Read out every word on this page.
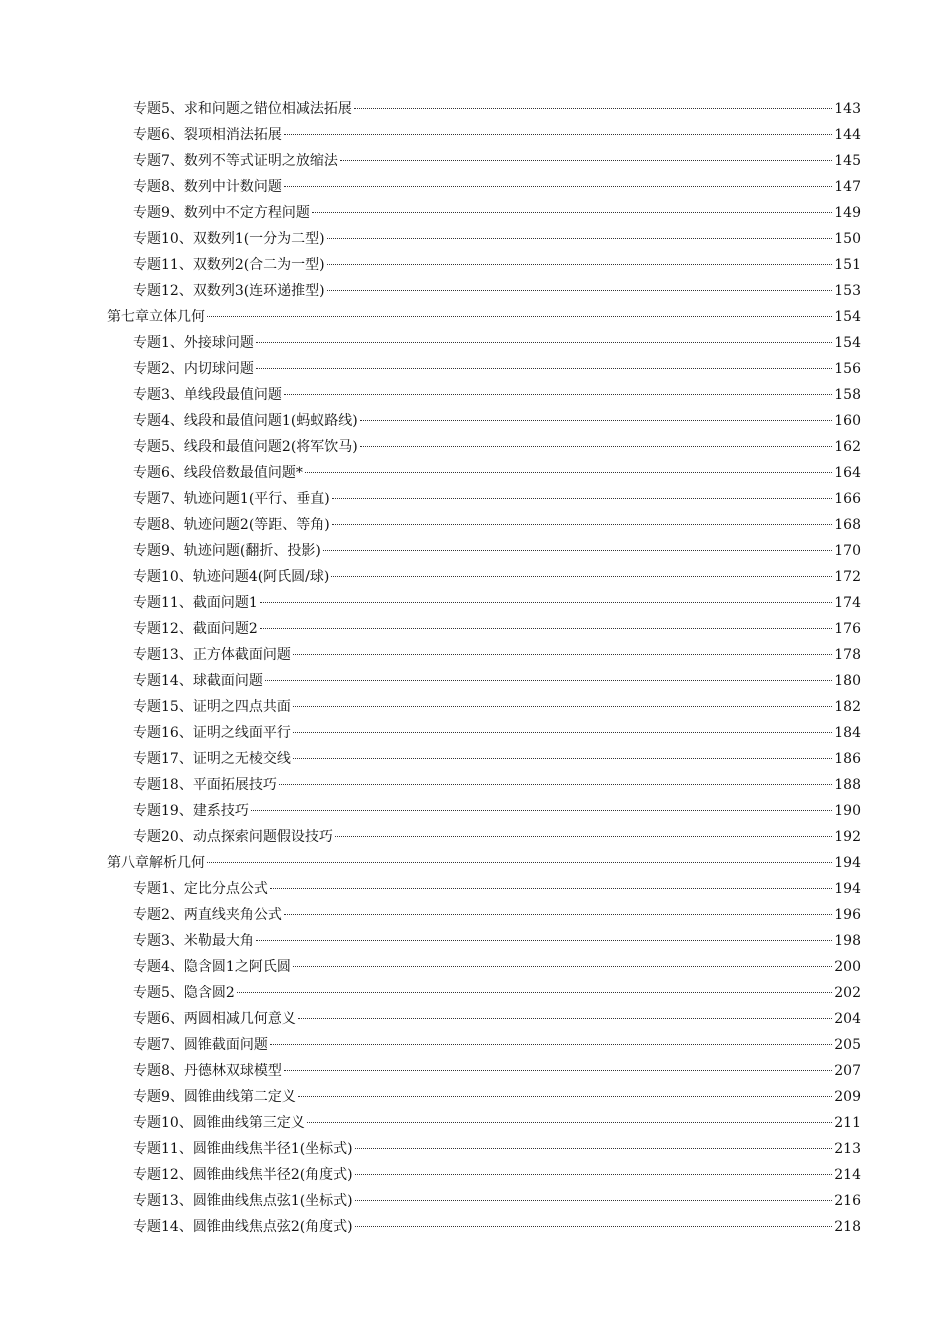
专题5、求和问题之错位相减法拓展	143
专题6、裂项相消法拓展	144
专题7、数列不等式证明之放缩法	145
专题8、数列中计数问题	147
专题9、数列中不定方程问题	149
专题10、双数列1(一分为二型)	150
专题11、双数列2(合二为一型)	151
专题12、双数列3(连环递推型)	153
第七章立体几何	154
专题1、外接球问题	154
专题2、内切球问题	156
专题3、单线段最值问题	158
专题4、线段和最值问题1(蚂蚁路线)	160
专题5、线段和最值问题2(将军饮马)	162
专题6、线段倍数最值问题*	164
专题7、轨迹问题1(平行、垂直)	166
专题8、轨迹问题2(等距、等角)	168
专题9、轨迹问题(翻折、投影)	170
专题10、轨迹问题4(阿氏圆/球)	172
专题11、截面问题1	174
专题12、截面问题2	176
专题13、正方体截面问题	178
专题14、球截面问题	180
专题15、证明之四点共面	182
专题16、证明之线面平行	184
专题17、证明之无棱交线	186
专题18、平面拓展技巧	188
专题19、建系技巧	190
专题20、动点探索问题假设技巧	192
第八章解析几何	194
专题1、定比分点公式	194
专题2、两直线夹角公式	196
专题3、米勒最大角	198
专题4、隐含圆1之阿氏圆	200
专题5、隐含圆2	202
专题6、两圆相减几何意义	204
专题7、圆锥截面问题	205
专题8、丹德林双球模型	207
专题9、圆锥曲线第二定义	209
专题10、圆锥曲线第三定义	211
专题11、圆锥曲线焦半径1(坐标式)	213
专题12、圆锥曲线焦半径2(角度式)	214
专题13、圆锥曲线焦点弦1(坐标式)	216
专题14、圆锥曲线焦点弦2(角度式)	218
